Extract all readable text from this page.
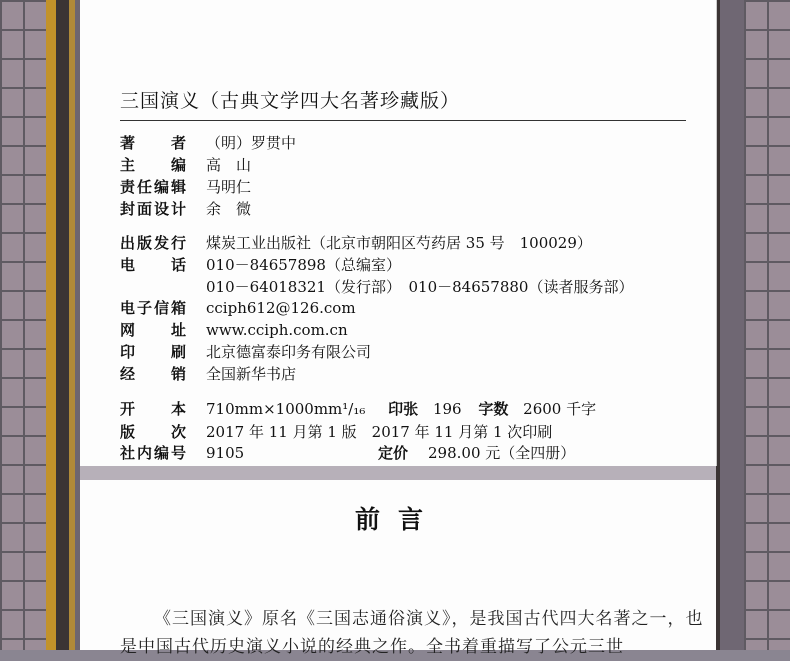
三国演义（古典文学四大名著珍藏版）
著　　者 （明）罗贯中
主　　编 高　山
责任编辑 马明仁
封面设计 余　微
出版发行 煤炭工业出版社（北京市朝阳区芍药居 35 号　100029）
电　　话 010－84657898（总编室）
010－64018321（发行部）　010－84657880（读者服务部）
电子信箱 cciph612@126.com
网　　址 www.cciph.com.cn
印　　刷 北京德富泰印务有限公司
经　　销 全国新华书店
开　　本 710mm×1000mm¹/₁₆ 印张 196 字数 2600 千字
版　　次 2017 年 11 月第 1 版　2017 年 11 月第 1 次印刷
社内编号 9105	定价 298.00 元（全四册）
前言
《三国演义》原名《三国志通俗演义》，是我国古代四大名著之一，也是中国古代历史演义小说的经典之作。全书着重描写了公元三世
